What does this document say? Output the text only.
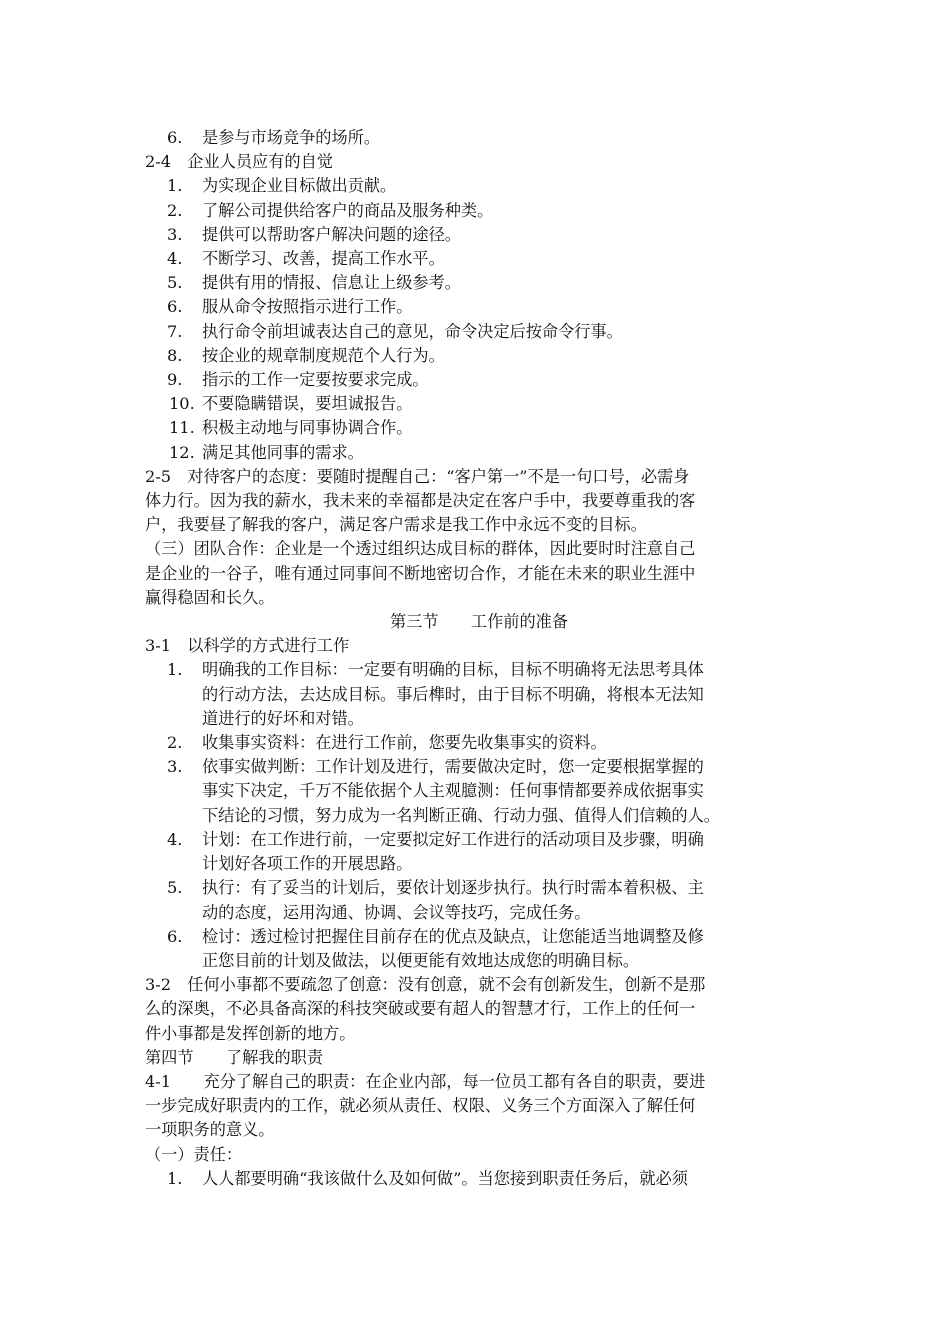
6. 是参与市场竞争的场所。
2-4　企业人员应有的自觉
1. 为实现企业目标做出贡献。
2. 了解公司提供给客户的商品及服务种类。
3. 提供可以帮助客户解决问题的途径。
4. 不断学习、改善，提高工作水平。
5. 提供有用的情报、信息让上级参考。
6. 服从命令按照指示进行工作。
7. 执行命令前坦诚表达自己的意见，命令决定后按命令行事。
8. 按企业的规章制度规范个人行为。
9. 指示的工作一定要按要求完成。
10. 不要隐瞒错误，要坦诚报告。
11. 积极主动地与同事协调合作。
12. 满足其他同事的需求。
2-5　对待客户的态度：要随时提醒自己：“客户第一”不是一句口号，必需身
体力行。因为我的薪水，我未来的幸福都是决定在客户手中，我要尊重我的客
户，我要昼了解我的客户，满足客户需求是我工作中永远不变的目标。
（三）团队合作：企业是一个透过组织达成目标的群体，因此要时时注意自己
是企业的一谷子，唯有通过同事间不断地密切合作，才能在未来的职业生涯中
赢得稳固和长久。
第三节　　工作前的准备
3-1　以科学的方式进行工作
1. 明确我的工作目标：一定要有明确的目标，目标不明确将无法思考具体
的行动方法，去达成目标。事后榫时，由于目标不明确，将根本无法知
道进行的好坏和对错。
2. 收集事实资料：在进行工作前，您要先收集事实的资料。
3. 依事实做判断：工作计划及进行，需要做决定时，您一定要根据掌握的
事实下决定，千万不能依据个人主观臆测：任何事情都要养成依据事实
下结论的习惯，努力成为一名判断正确、行动力强、值得人们信赖的人。
4. 计划：在工作进行前，一定要拟定好工作进行的活动项目及步骤，明确
计划好各项工作的开展思路。
5. 执行：有了妥当的计划后，要依计划逐步执行。执行时需本着积极、主
动的态度，运用沟通、协调、会议等技巧，完成任务。
6. 检讨：透过检讨把握住目前存在的优点及缺点，让您能适当地调整及修
正您目前的计划及做法，以便更能有效地达成您的明确目标。
3-2　任何小事都不要疏忽了创意：没有创意，就不会有创新发生，创新不是那
么的深奥，不必具备高深的科技突破或要有超人的智慧才行，工作上的任何一
件小事都是发挥创新的地方。
第四节　　了解我的职责
4-1　　充分了解自己的职责：在企业内部，每一位员工都有各自的职责，要进
一步完成好职责内的工作，就必须从责任、权限、义务三个方面深入了解任何
一项职务的意义。
（一）责任：
1. 人人都要明确“我该做什么及如何做”。当您接到职责任务后，就必须
